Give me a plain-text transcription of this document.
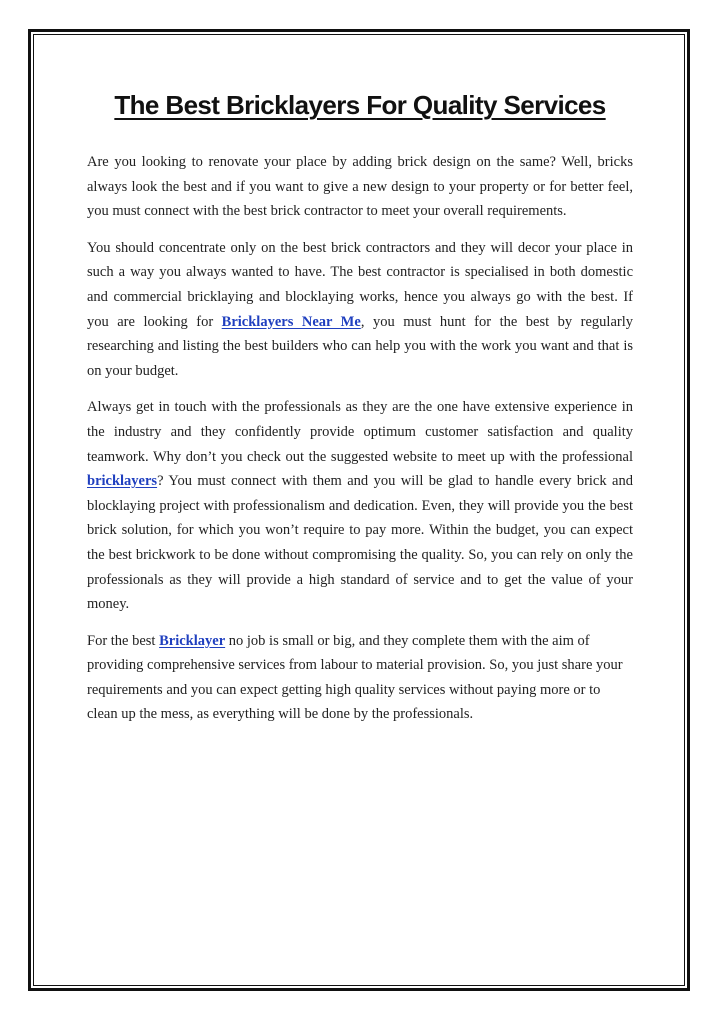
The Best Bricklayers For Quality Services

Are you looking to renovate your place by adding brick design on the same? Well, bricks always look the best and if you want to give a new design to your property or for better feel, you must connect with the best brick contractor to meet your overall requirements.

You should concentrate only on the best brick contractors and they will decor your place in such a way you always wanted to have. The best contractor is specialised in both domestic and commercial bricklaying and blocklaying works, hence you always go with the best. If you are looking for Bricklayers Near Me, you must hunt for the best by regularly researching and listing the best builders who can help you with the work you want and that is on your budget.

Always get in touch with the professionals as they are the one have extensive experience in the industry and they confidently provide optimum customer satisfaction and quality teamwork. Why don’t you check out the suggested website to meet up with the professional bricklayers? You must connect with them and you will be glad to handle every brick and blocklaying project with professionalism and dedication. Even, they will provide you the best brick solution, for which you won’t require to pay more. Within the budget, you can expect the best brickwork to be done without compromising the quality. So, you can rely on only the professionals as they will provide a high standard of service and to get the value of your money.

For the best Bricklayer no job is small or big, and they complete them with the aim of providing comprehensive services from labour to material provision. So, you just share your requirements and you can expect getting high quality services without paying more or to clean up the mess, as everything will be done by the professionals.
